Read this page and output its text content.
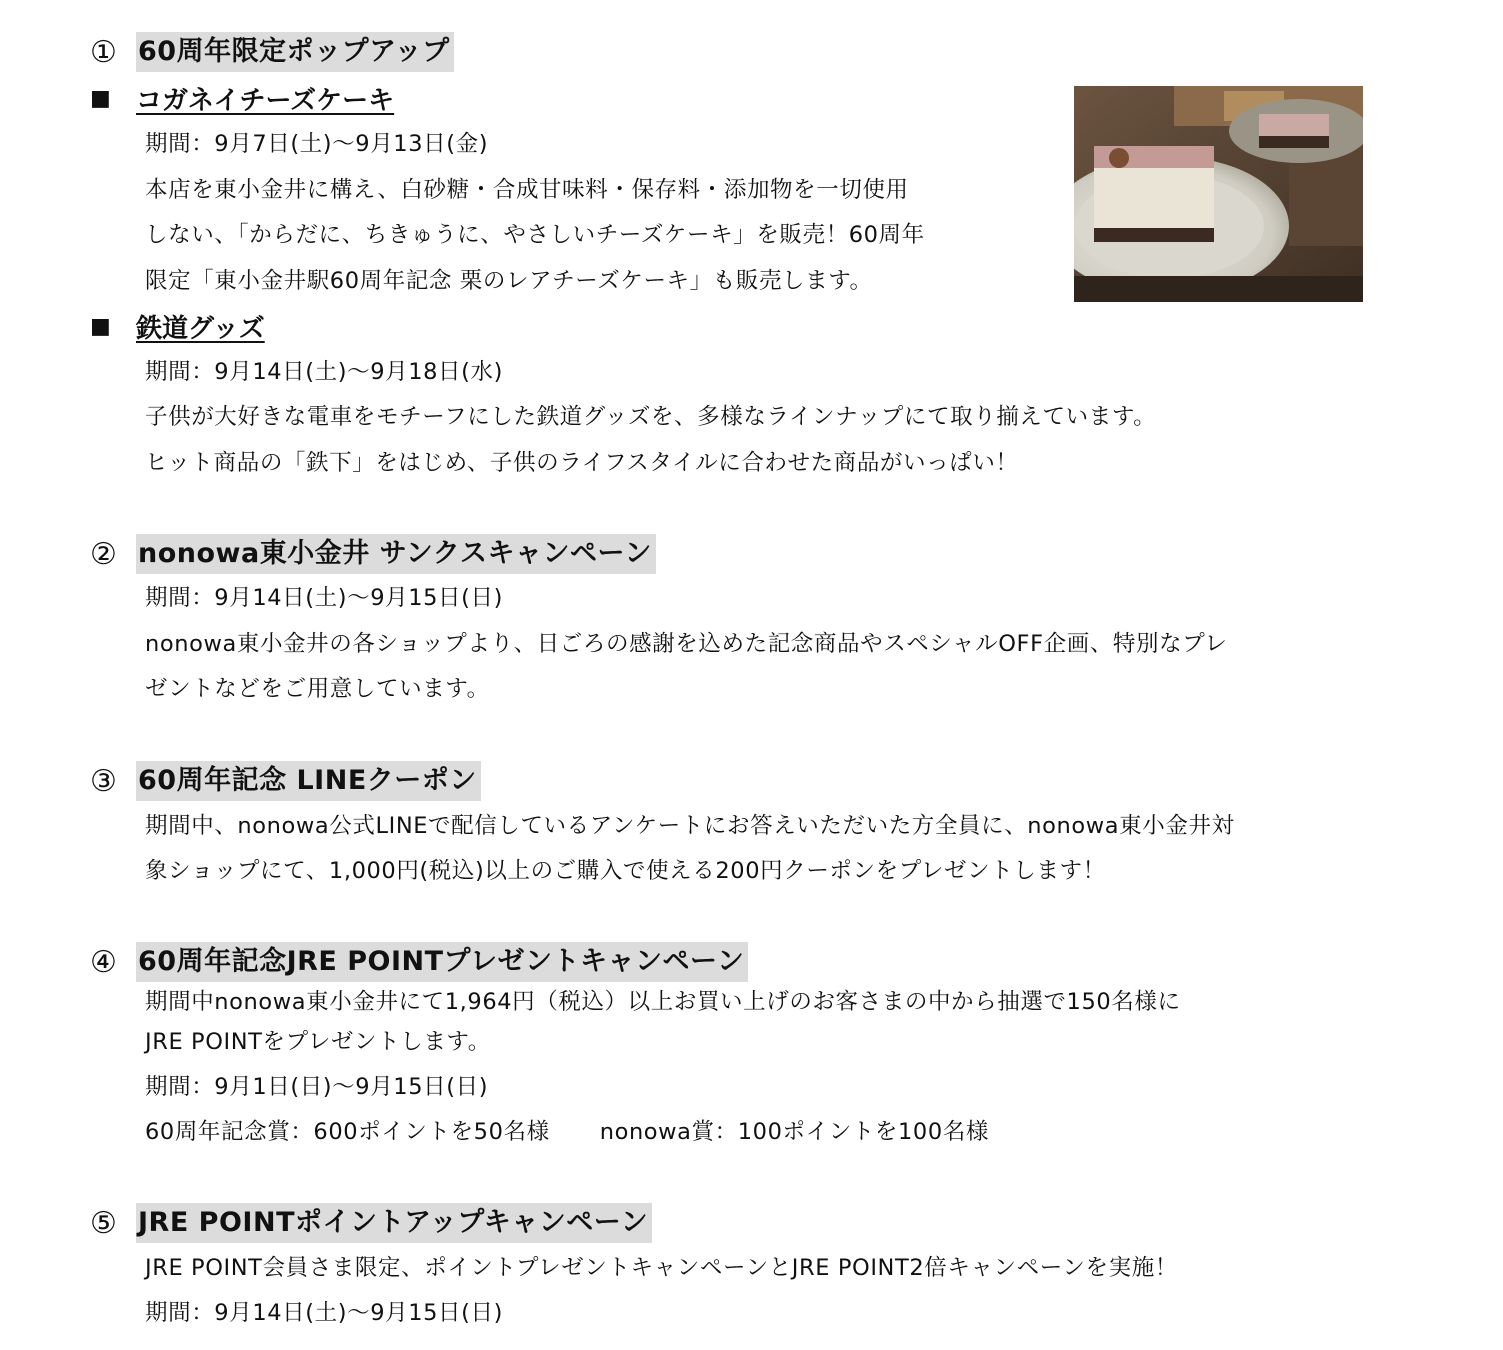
① 60周年限定ポップアップ
■ コガネイチーズケーキ
期間：9月7日(土)～9月13日(金)
本店を東小金井に構え、白砂糖・合成甘味料・保存料・添加物を一切使用
しない、「からだに、ちきゅうに、やさしいチーズケーキ」を販売！60周年
限定「東小金井駅60周年記念 栗のレアチーズケーキ」も販売します。
■ 鉄道グッズ
期間：9月14日(土)～9月18日(水)
子供が大好きな電車をモチーフにした鉄道グッズを、多様なラインナップにて取り揃えています。
ヒット商品の「鉄下」をはじめ、子供のライフスタイルに合わせた商品がいっぱい！
② nonowa東小金井 サンクスキャンペーン
期間：9月14日(土)～9月15日(日)
nonowa東小金井の各ショップより、日ごろの感謝を込めた記念商品やスペシャルOFF企画、特別なプレ
ゼントなどをご用意しています。
③ 60周年記念 LINEクーポン
期間中、nonowa公式LINEで配信しているアンケートにお答えいただいた方全員に、nonowa東小金井対
象ショップにて、1,000円(税込)以上のご購入で使える200円クーポンをプレゼントします！
④ 60周年記念JRE POINTプレゼントキャンペーン
期間中nonowa東小金井にて1,964円（税込）以上お買い上げのお客さまの中から抽選で150名様に
JRE POINTをプレゼントします。
期間：9月1日(日)～9月15日(日)
60周年記念賞：600ポイントを50名様 nonowa賞：100ポイントを100名様
⑤ JRE POINTポイントアップキャンペーン
JRE POINT会員さま限定、ポイントプレゼントキャンペーンとJRE POINT2倍キャンペーンを実施！
期間：9月14日(土)～9月15日(日)
